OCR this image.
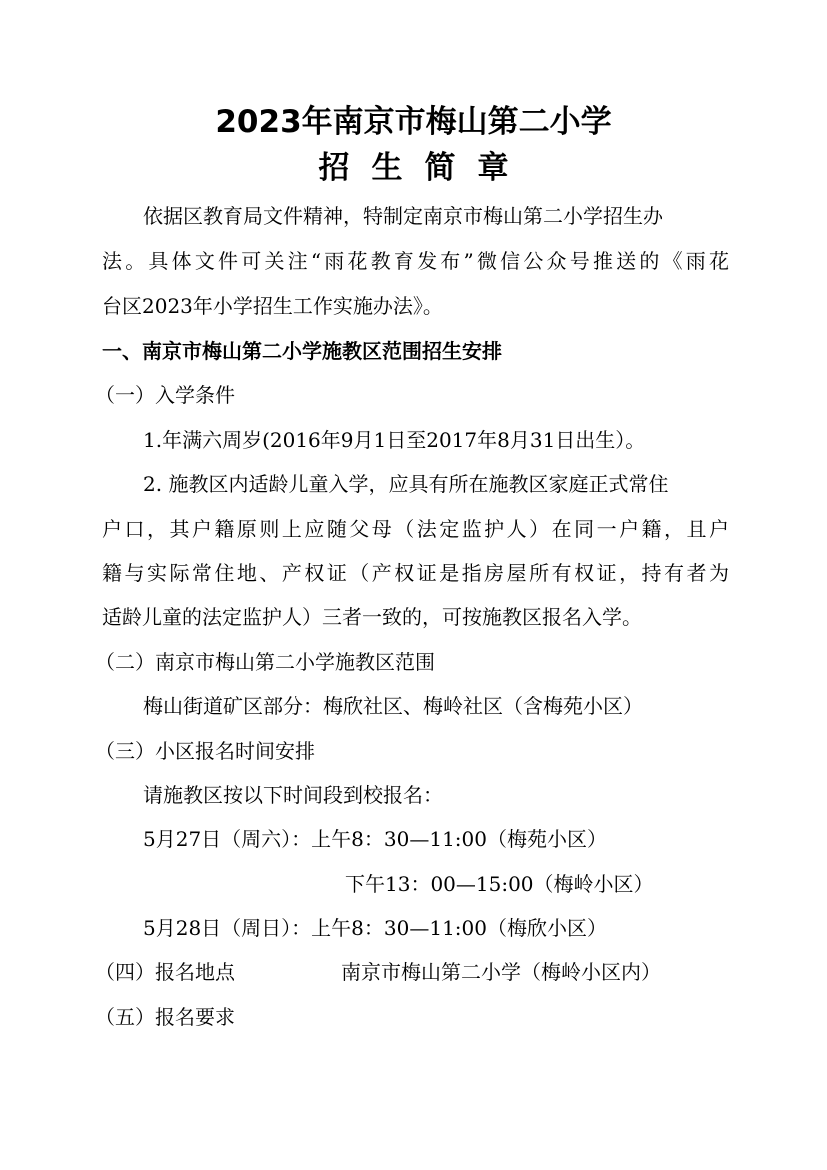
2023年南京市梅山第二小学
招生简章
依据区教育局文件精神，特制定南京市梅山第二小学招生办
法。具体文件可关注“雨花教育发布”微信公众号推送的《雨花
台区2023年小学招生工作实施办法》。
一、南京市梅山第二小学施教区范围招生安排
（一）入学条件
1.年满六周岁(2016年9月1日至2017年8月31日出生）。
2. 施教区内适龄儿童入学，应具有所在施教区家庭正式常住
户口，其户籍原则上应随父母（法定监护人）在同一户籍，且户
籍与实际常住地、产权证（产权证是指房屋所有权证，持有者为
适龄儿童的法定监护人）三者一致的，可按施教区报名入学。
（二）南京市梅山第二小学施教区范围
梅山街道矿区部分：梅欣社区、梅岭社区（含梅苑小区）
（三）小区报名时间安排
请施教区按以下时间段到校报名：
5月27日（周六）：上午8：30—11:00（梅苑小区）
下午13：00—15:00（梅岭小区）
5月28日（周日）：上午8：30—11:00（梅欣小区）
（四）报名地点	南京市梅山第二小学（梅岭小区内）
（五）报名要求
